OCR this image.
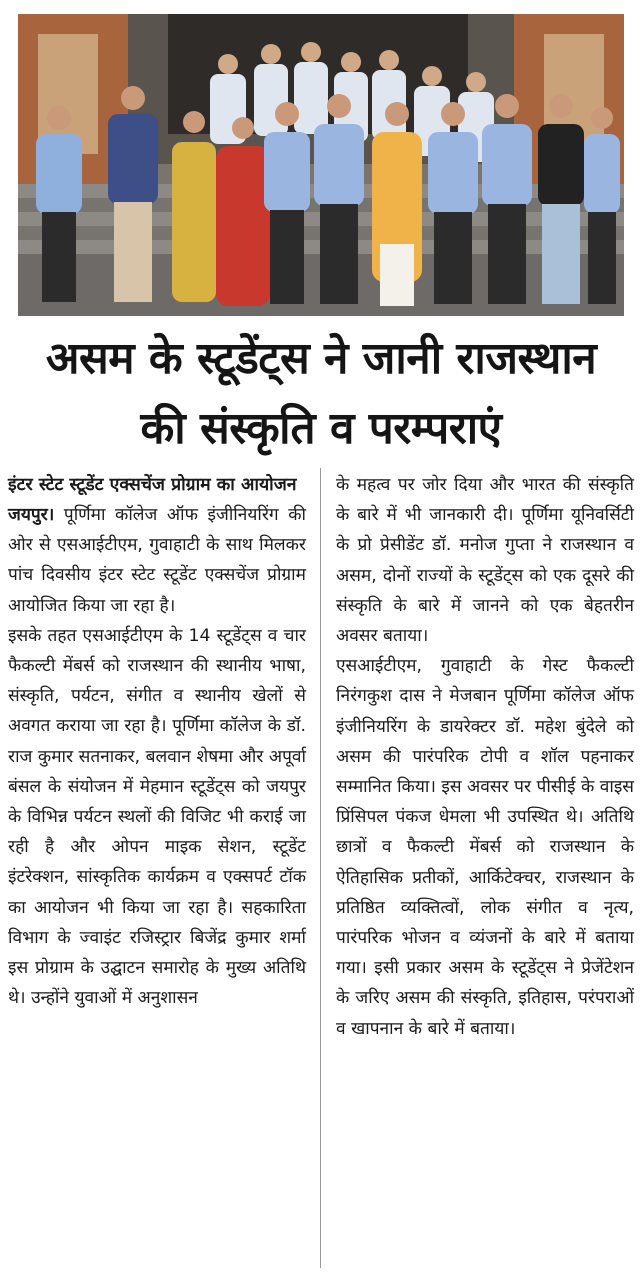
असम के स्टूडेंट्स ने जानी राजस्थान
की संस्कृति व परम्पराएं

इंटर स्टेट स्टूडेंट एक्सचेंज प्रोग्राम का आयोजन

जयपुर। पूर्णिमा कॉलेज ऑफ इंजीनियरिंग की ओर से एसआईटीएम, गुवाहाटी के साथ मिलकर पांच दिवसीय इंटर स्टेट स्टूडेंट एक्सचेंज प्रोग्राम आयोजित किया जा रहा है।

इसके तहत एसआईटीएम के 14 स्टूडेंट्स व चार फैकल्टी मेंबर्स को राजस्थान की स्थानीय भाषा, संस्कृति, पर्यटन, संगीत व स्थानीय खेलों से अवगत कराया जा रहा है। पूर्णिमा कॉलेज के डॉ. राज कुमार सतनाकर, बलवान शेषमा और अपूर्वा बंसल के संयोजन में मेहमान स्टूडेंट्स को जयपुर के विभिन्न पर्यटन स्थलों की विजिट भी कराई जा रही है और ओपन माइक सेशन, स्टूडेंट इंटरेक्शन, सांस्कृतिक कार्यक्रम व एक्सपर्ट टॉक का आयोजन भी किया जा रहा है। सहकारिता विभाग के ज्वाइंट रजिस्ट्रार बिजेंद्र कुमार शर्मा इस प्रोग्राम के उद्घाटन समारोह के मुख्य अतिथि थे। उन्होंने युवाओं में अनुशासन

के महत्व पर जोर दिया और भारत की संस्कृति के बारे में भी जानकारी दी। पूर्णिमा यूनिवर्सिटी के प्रो प्रेसीडेंट डॉ. मनोज गुप्ता ने राजस्थान व असम, दोनों राज्यों के स्टूडेंट्स को एक दूसरे की संस्कृति के बारे में जानने को एक बेहतरीन अवसर बताया।

एसआईटीएम, गुवाहाटी के गेस्ट फैकल्टी निरंगकुश दास ने मेजबान पूर्णिमा कॉलेज ऑफ इंजीनियरिंग के डायरेक्टर डॉ. महेश बुंदेले को असम की पारंपरिक टोपी व शॉल पहनाकर सम्मानित किया। इस अवसर पर पीसीई के वाइस प्रिंसिपल पंकज धेमला भी उपस्थित थे। अतिथि छात्रों व फैकल्टी मेंबर्स को राजस्थान के ऐतिहासिक प्रतीकों, आर्किटेक्चर, राजस्थान के प्रतिष्ठित व्यक्तित्वों, लोक संगीत व नृत्य, पारंपरिक भोजन व व्यंजनों के बारे में बताया गया। इसी प्रकार असम के स्टूडेंट्स ने प्रेजेंटेशन के जरिए असम की संस्कृति, इतिहास, परंपराओं व खापनान के बारे में बताया।
